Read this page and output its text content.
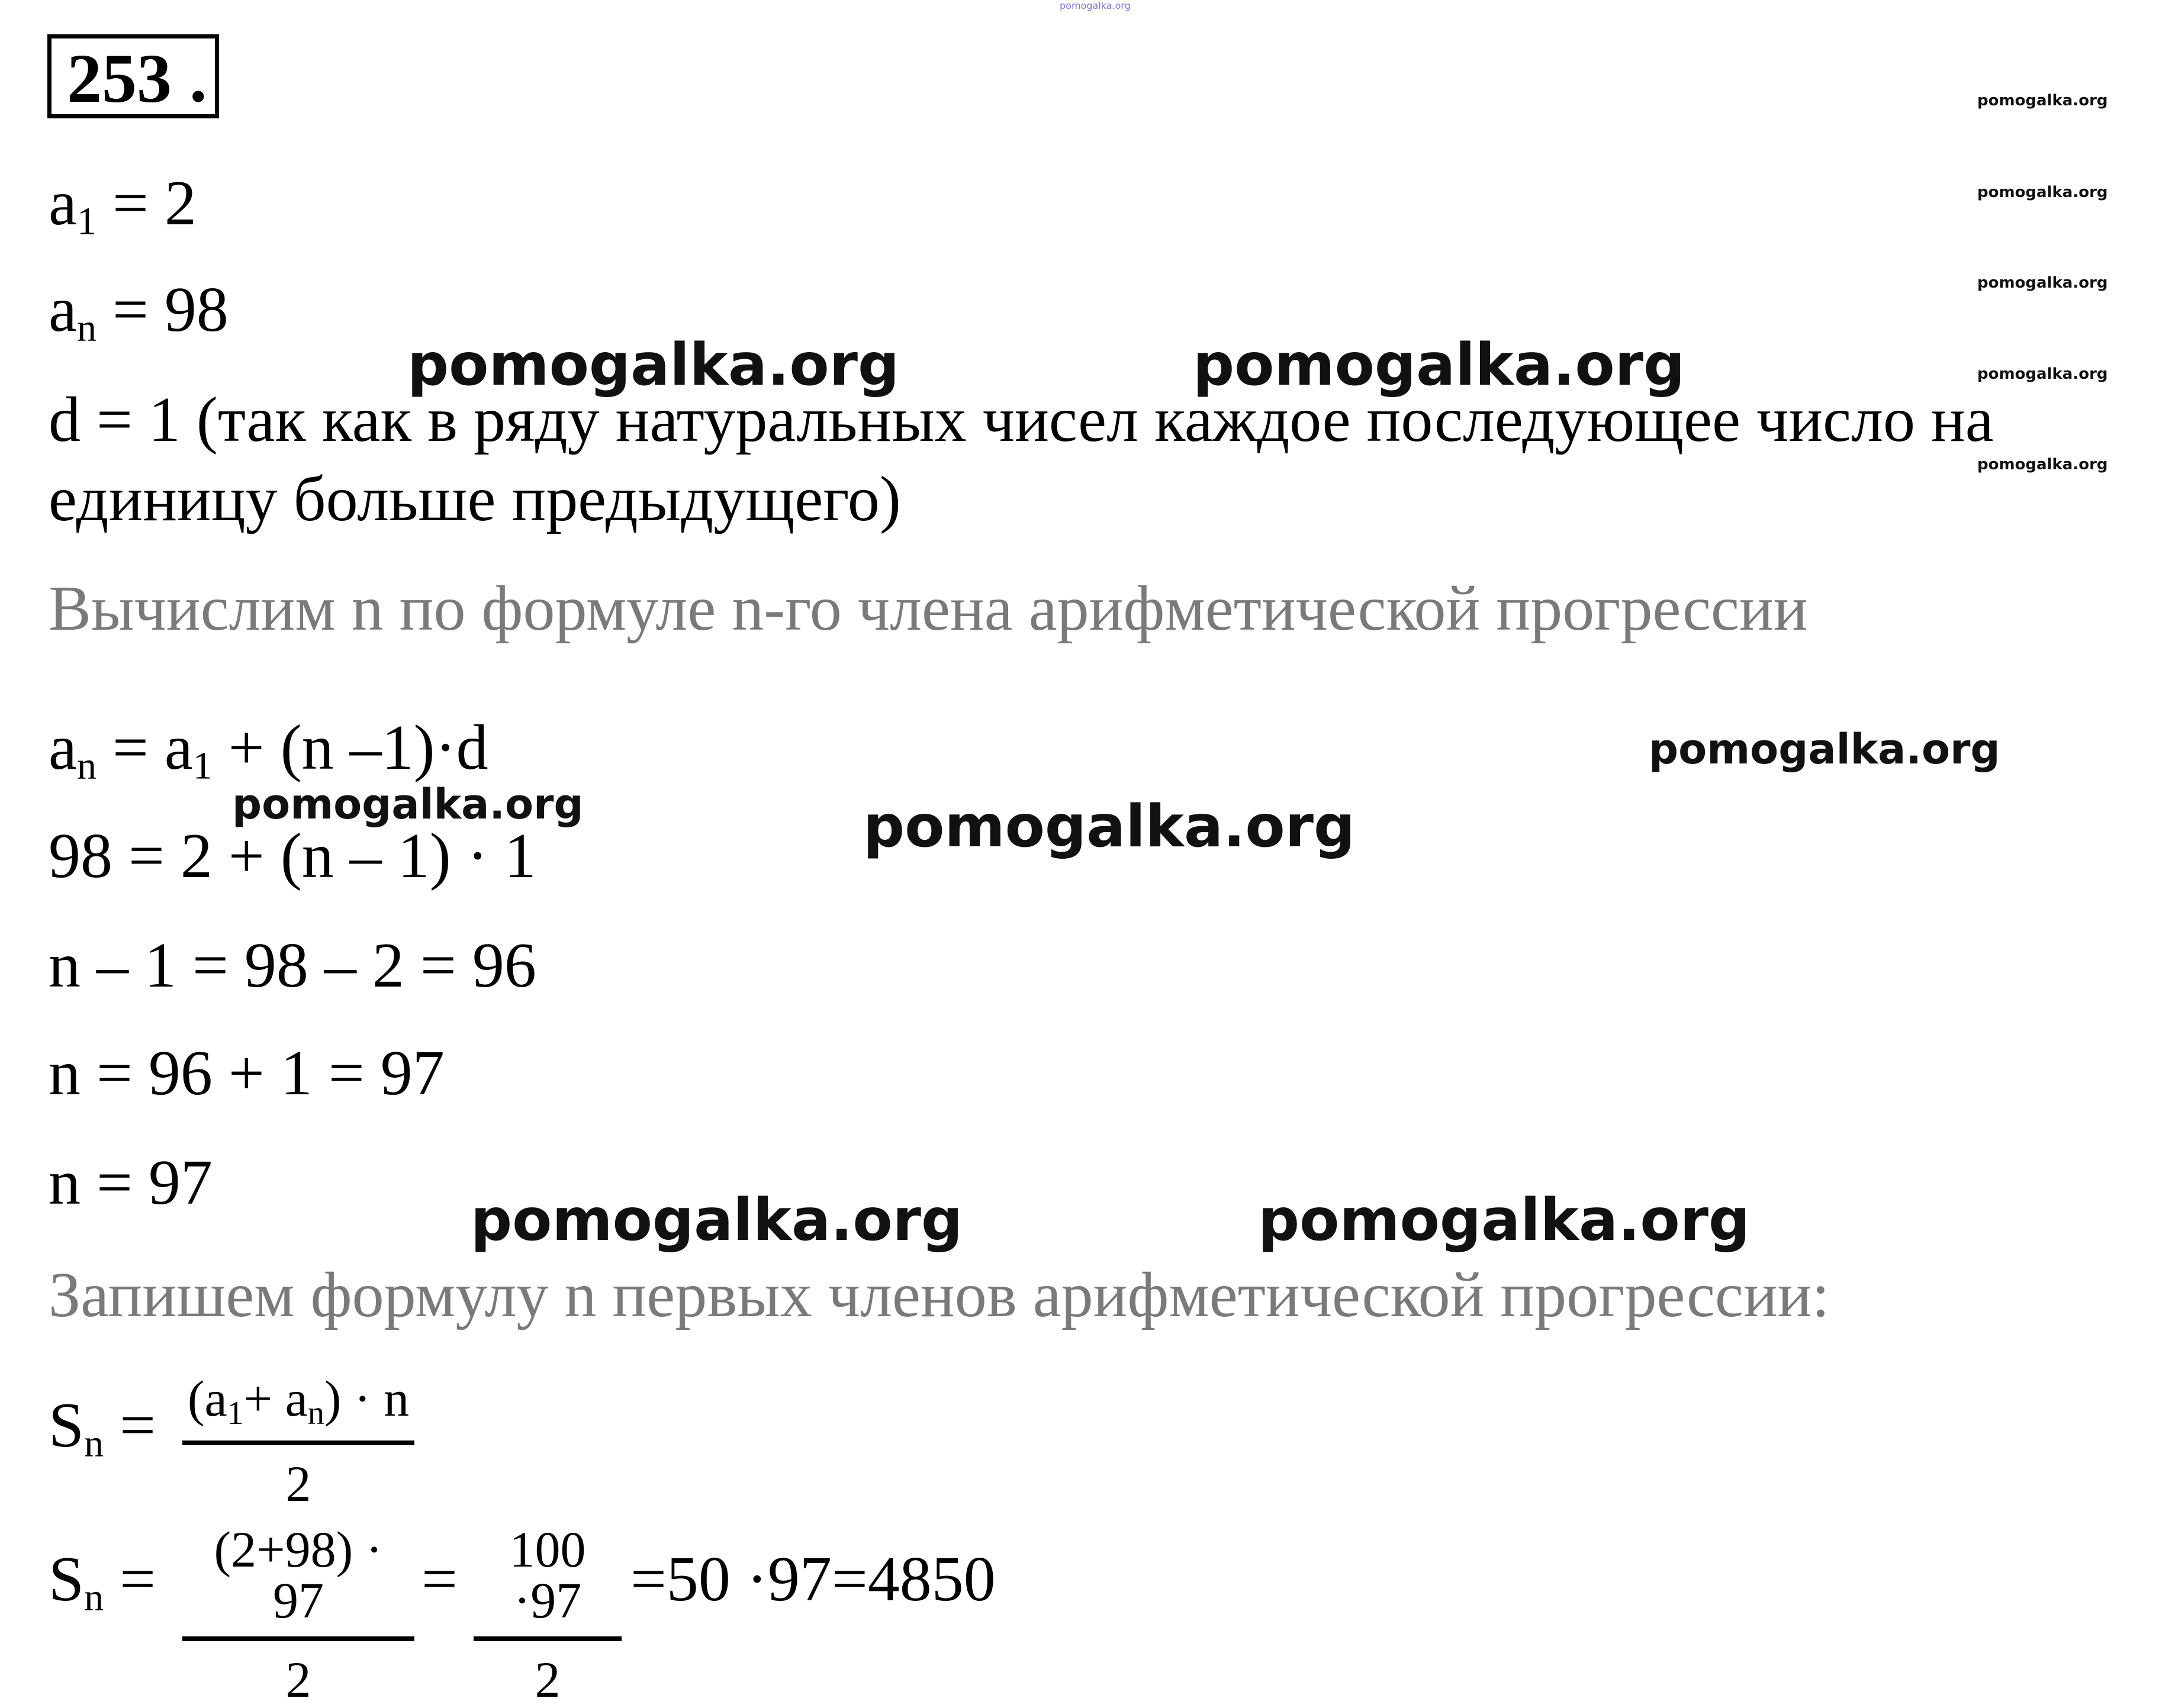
253 .
$a_1 = 2$
$a_n = 98$
d = 1 (так как в ряду натуральных чисел каждое последующее число на
единицу больше предыдущего)
Вычислим n по формуле n-го члена арифметической прогрессии
$a_n = a_1 + (n$ –1)·d
98 = 2 + (n – 1) · 1
n – 1 = 98 – 2 = 96
n = 96 + 1 = 97
n = 97
Запишем формулу n первых членов арифметической прогрессии:
$S_n = (a_1+ a_n) \cdot n$
2
$S_n$ =	(2+98) · 97
2
=	100 ·97
2
=50 ·97=4850
pomogalka.org
pomogalka.org
pomogalka.org
pomogalka.org
pomogalka.org
pomogalka.org
pomogalka.org	pomogalka.org
pomogalka.org
pomogalka.org	pomogalka.org
pomogalka.org	pomogalka.org
